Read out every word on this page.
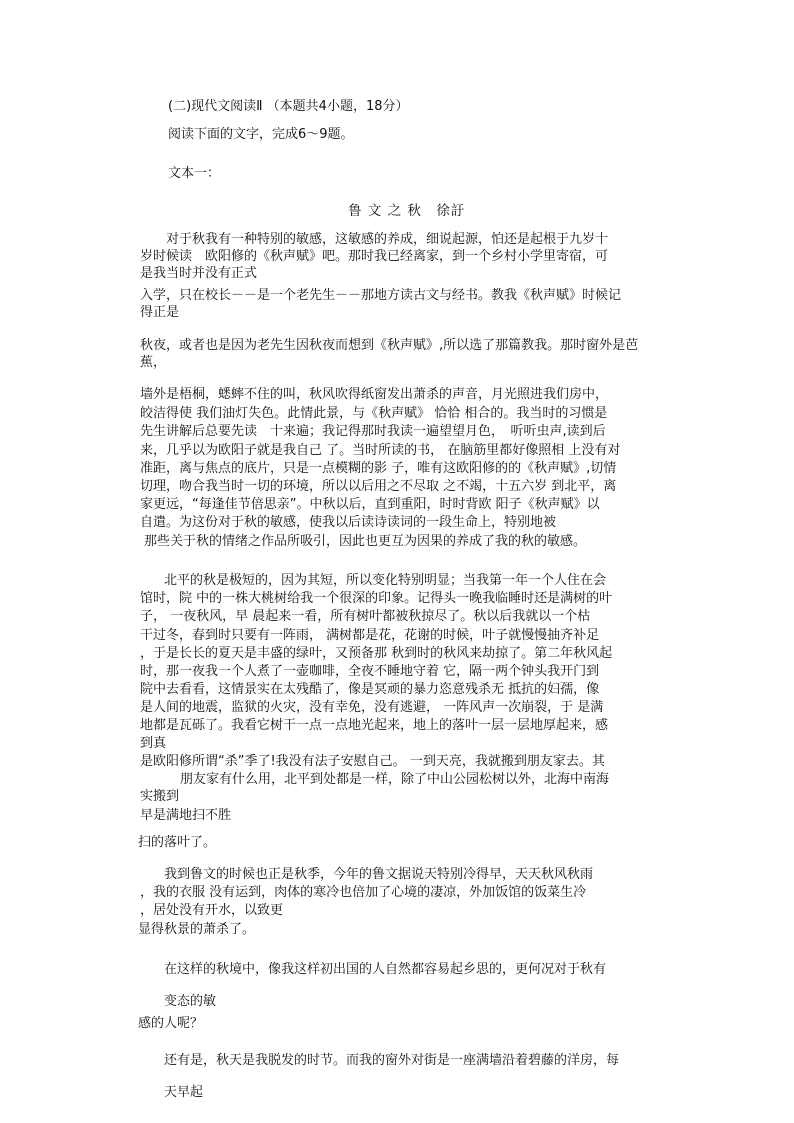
(二)现代文阅读Ⅱ （本题共4小题，18分）
阅读下面的文字，完成6～9题。
文本一：
鲁 文 之 秋　徐訏
对于秋我有一种特别的敏感，这敏感的养成，细说起源，怕还是起根于九岁十
岁时候读　欧阳修的《秋声赋》吧。那时我已经离家，到一个乡村小学里寄宿，可
是我当时并没有正式
入学，只在校长－－是一个老先生－－那地方读古文与经书。教我《秋声赋》时候记
得正是
秋夜，或者也是因为老先生因秋夜而想到《秋声赋》,所以选了那篇教我。那时窗外是芭
蕉，
墙外是梧桐，蟋蟀不住的叫，秋风吹得纸窗发出萧杀的声音，月光照进我们房中，
皎洁得使 我们油灯失色。此情此景，与《秋声赋》 恰恰 相合的。我当时的习惯是
先生讲解后总要先读　十来遍；我记得那时我读一遍望望月色，　听听虫声,读到后
来，几乎以为欧阳子就是我自己 了。当时所读的书， 在脑筋里都好像照相 上没有对
准距，离与焦点的底片，只是一点模糊的影 子，唯有这欧阳修的的《秋声赋》,切情
切理，吻合我当时一切的环境，所以以后用之不尽取 之不竭，十五六岁 到北平，离
家更远，“每逢佳节倍思亲”。中秋以后，直到重阳，时时背欧 阳子《秋声赋》以
自遣。为这份对于秋的敏感，使我以后读诗读词的一段生命上，特别地被
那些关于秋的情绪之作品所吸引，因此也更互为因果的养成了我的秋的敏感。
北平的秋是极短的，因为其短，所以变化特别明显；当我第一年一个人住在会
馆时，院 中的一株大桃树给我一个很深的印象。记得头一晚我临睡时还是满树的叶
子， 一夜秋风，早 晨起来一看，所有树叶都被秋掠尽了。秋以后我就以一个枯
干过冬，春到时只要有一阵雨， 满树都是花，花谢的时候，叶子就慢慢抽齐补足
，于是长长的夏天是丰盛的绿叶，又预备那 秋到时的秋风来劫掠了。第二年秋风起
时，那一夜我一个人煮了一壶咖啡，全夜不睡地守着 它，隔一两个钟头我开门到
院中去看看，这情景实在太残酷了，像是冥顽的暴力恣意残杀无 抵抗的妇孺，像
是人间的地震，监狱的火灾，没有幸免，没有逃避， 一阵风声一次崩裂，于 是满
地都是瓦砾了。我看它树干一点一点地光起来，地上的落叶一层一层地厚起来，感
到真
是欧阳修所谓“杀”季了!我没有法子安慰自己。 一到天亮，我就搬到朋友家去。其
朋友家有什么用，北平到处都是一样，除了中山公园松树以外，北海中南海
实搬到
早是满地扫不胜
扫的落叶了。
我到鲁文的时候也正是秋季，今年的鲁文据说天特别冷得早，天天秋风秋雨
，我的衣服 没有运到，肉体的寒冷也倍加了心境的凄凉，外加饭馆的饭菜生冷
，居处没有开水，以致更
显得秋景的萧杀了。
在这样的秋境中，像我这样初出国的人自然都容易起乡思的，更何况对于秋有
变态的敏
感的人呢？
还有是，秋天是我脱发的时节。而我的窗外对街是一座满墙沿着碧藤的洋房，每
天早起
